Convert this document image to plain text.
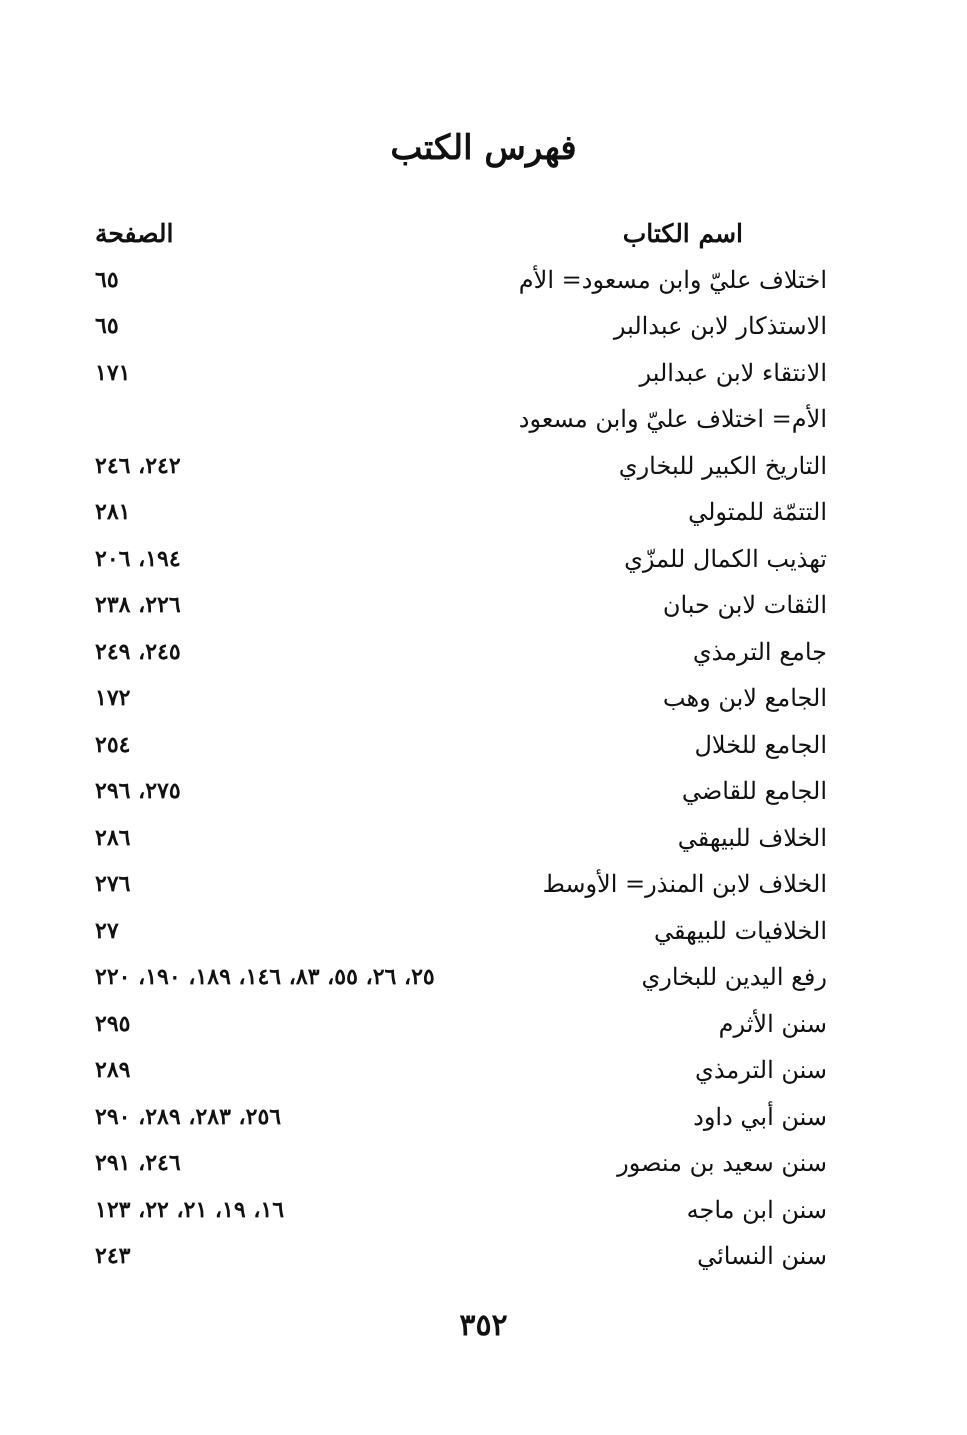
فهرس الكتب
اسم الكتاب
الصفحة
اختلاف عليّ وابن مسعود= الأم
٦٥
الاستذكار لابن عبدالبر
٦٥
الانتقاء لابن عبدالبر
١٧١
الأم= اختلاف عليّ وابن مسعود
التاريخ الكبير للبخاري
٢٤٢، ٢٤٦
التتمّة للمتولي
٢٨١
تهذيب الكمال للمزّي
١٩٤، ٢٠٦
الثقات لابن حبان
٢٢٦، ٢٣٨
جامع الترمذي
٢٤٥، ٢٤٩
الجامع لابن وهب
١٧٢
الجامع للخلال
٢٥٤
الجامع للقاضي
٢٧٥، ٢٩٦
الخلاف للبيهقي
٢٨٦
الخلاف لابن المنذر= الأوسط
٢٧٦
الخلافيات للبيهقي
٢٧
رفع اليدين للبخاري
٢٥، ٢٦، ٥٥، ٨٣، ١٤٦، ١٨٩، ١٩٠، ٢٢٠
سنن الأثرم
٢٩٥
سنن الترمذي
٢٨٩
سنن أبي داود
٢٥٦، ٢٨٣، ٢٨٩، ٢٩٠
سنن سعيد بن منصور
٢٤٦، ٢٩١
سنن ابن ماجه
١٦، ١٩، ٢١، ٢٢، ١٢٣
سنن النسائي
٢٤٣
٣٥٢
